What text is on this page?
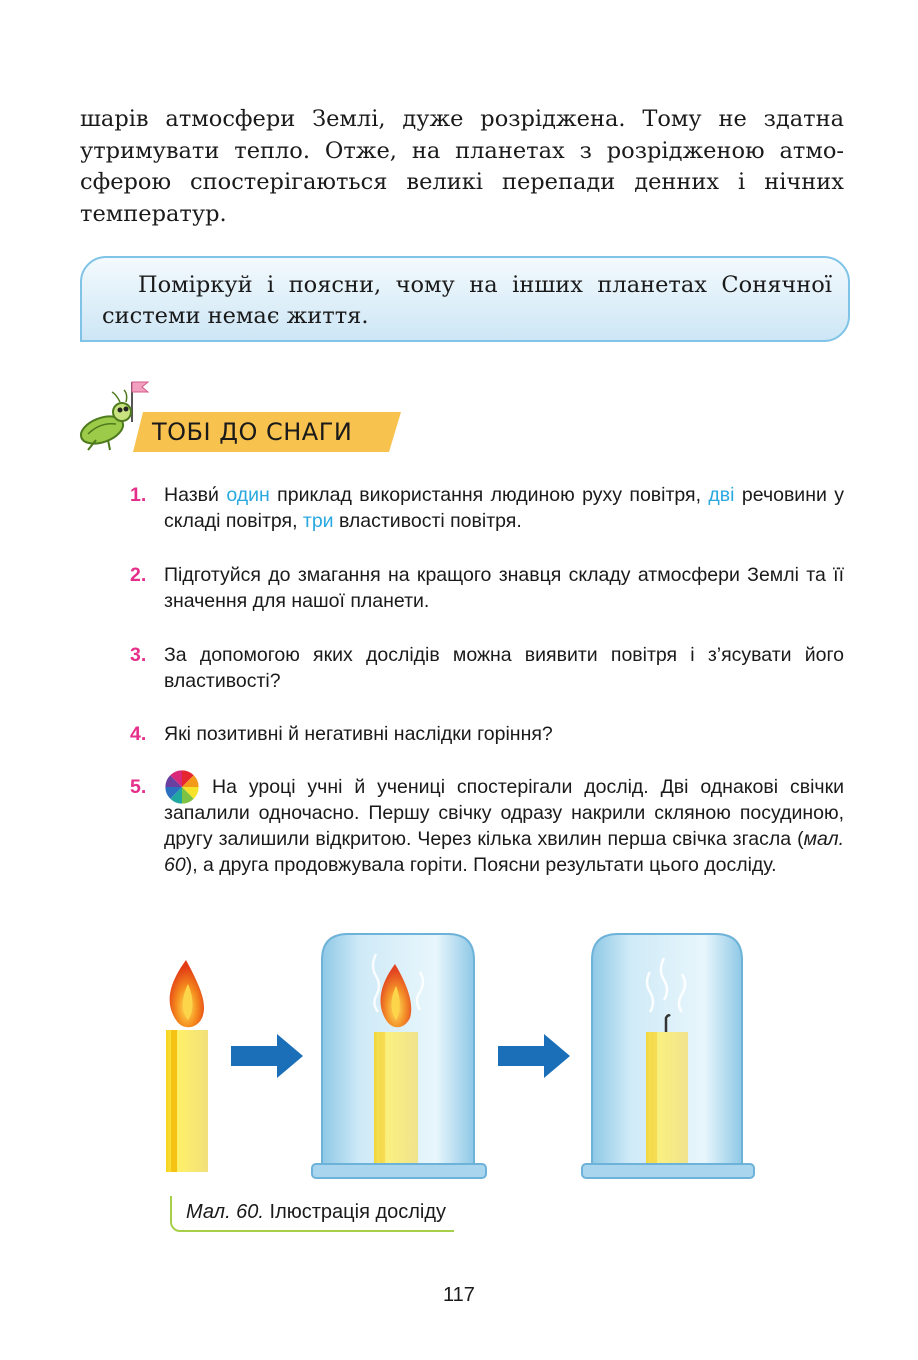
шарів атмосфери Землі, дуже розріджена. Тому не здатна утримувати тепло. Отже, на планетах з розрідженою атмосферою спостерігаються великі перепади денних і нічних температур.

Поміркуй і поясни, чому на інших планетах Сонячної системи немає життя.
ТОБІ ДО СНАГИ
1. Назви́ один приклад використання людиною руху повітря, дві речовини у складі повітря, три властивості повітря.
2. Підготуйся до змагання на кращого знавця складу атмосфери Землі та її значення для нашої планети.
3. За допомогою яких дослідів можна виявити повітря і з’ясувати його властивості?
4. Які позитивні й негативні наслідки горіння?
5.	На уроці учні й учениці спостерігали дослід. Дві однакові свічки запалили одночасно. Першу свічку одразу накрили скляною посудиною, другу залишили відкритою. Через кілька хвилин перша свічка згасла (мал. 60), а друга продовжувала горіти. Поясни результати цього досліду.
Мал. 60. Ілюстрація досліду
117
